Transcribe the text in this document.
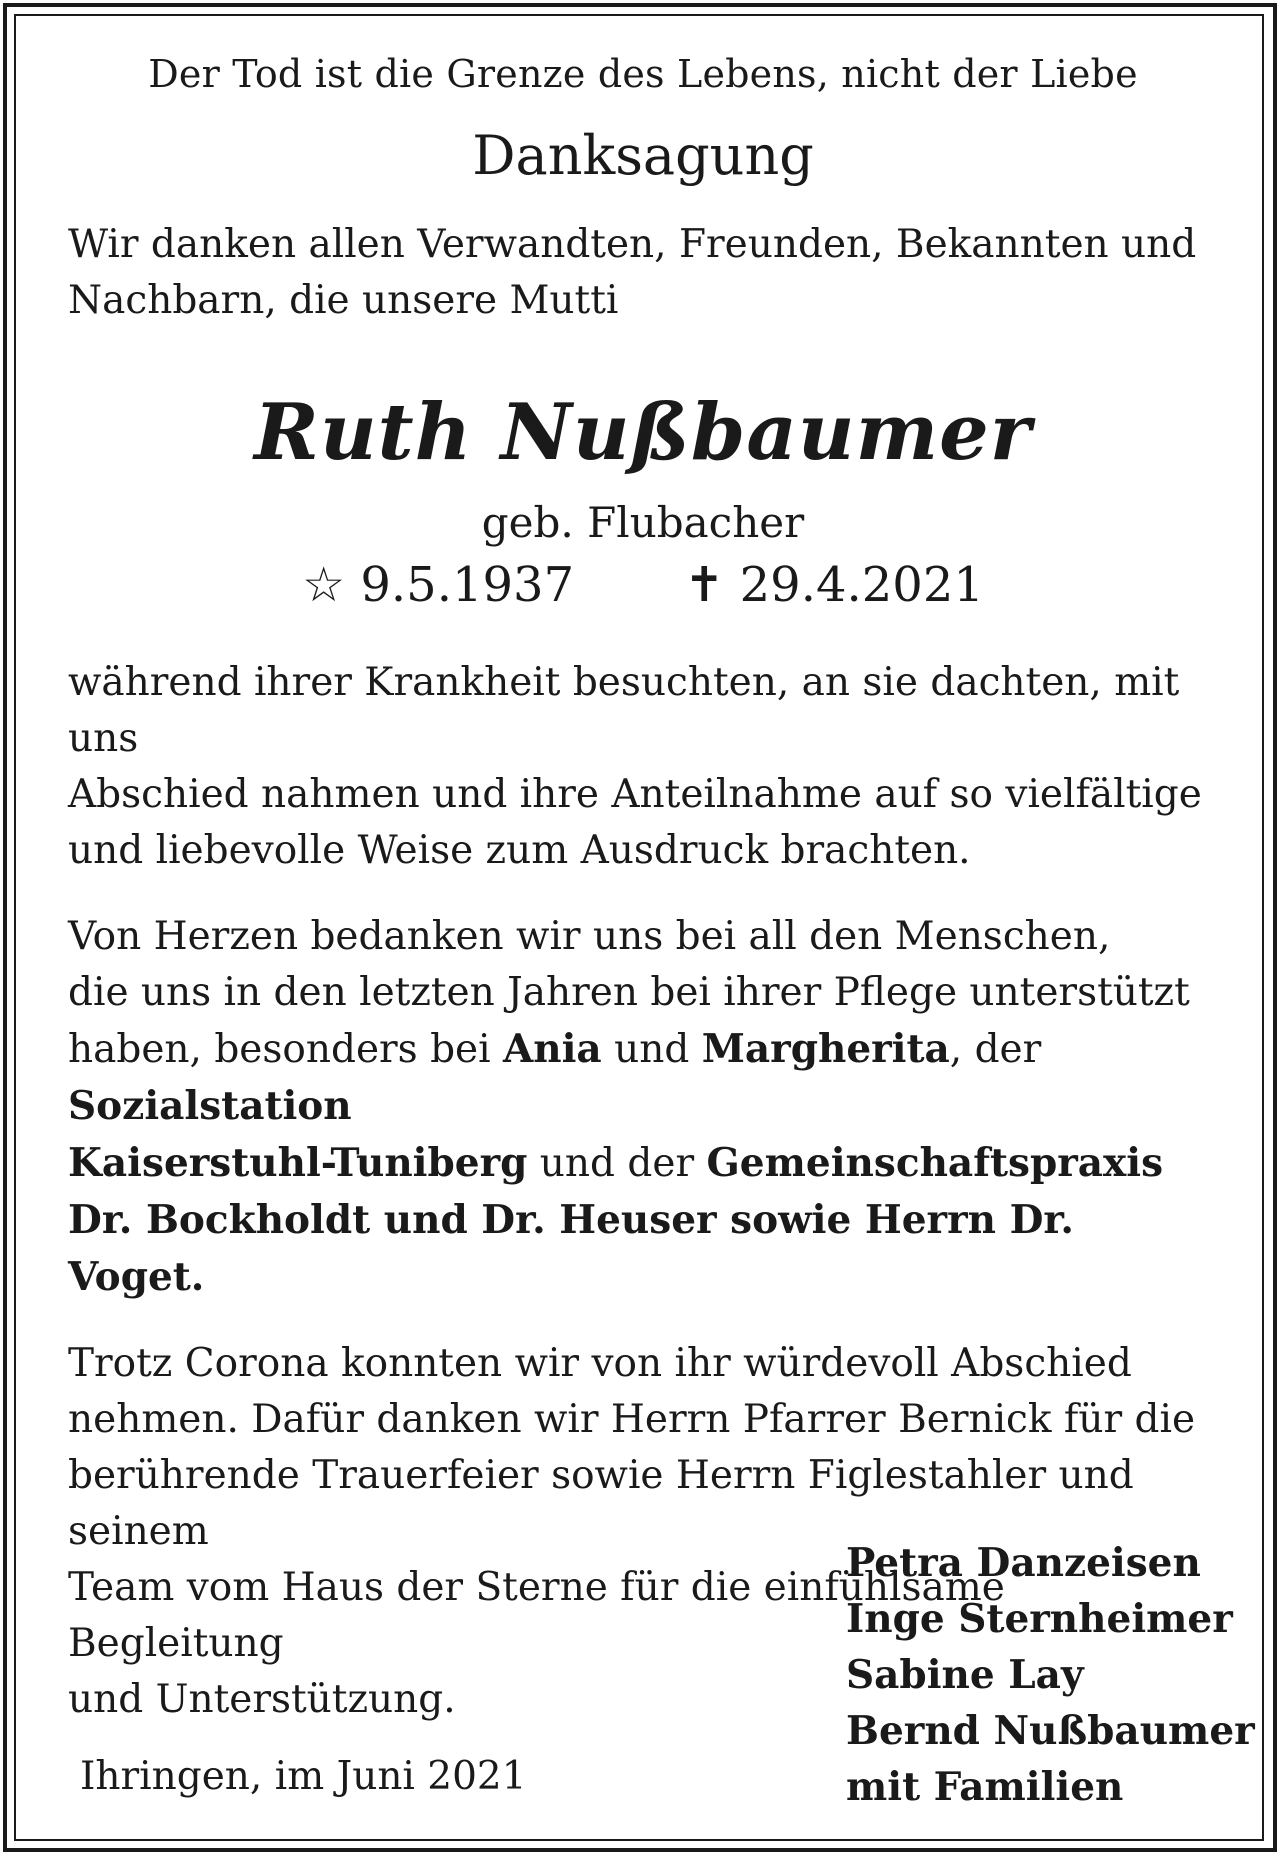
Der Tod ist die Grenze des Lebens, nicht der Liebe

Danksagung

Wir danken allen Verwandten, Freunden, Bekannten und
Nachbarn, die unsere Mutti

Ruth Nußbaumer

geb. Flubacher

☆ 9.5.1937 ✝ 29.4.2021

während ihrer Krankheit besuchten, an sie dachten, mit uns
Abschied nahmen und ihre Anteilnahme auf so vielfältige
und liebevolle Weise zum Ausdruck brachten.

Von Herzen bedanken wir uns bei all den Menschen,
die uns in den letzten Jahren bei ihrer Pflege unterstützt
haben, besonders bei Ania und Margherita, der Sozialstation
Kaiserstuhl-Tuniberg und der Gemeinschaftspraxis
Dr. Bockholdt und Dr. Heuser sowie Herrn Dr. Voget.

Trotz Corona konnten wir von ihr würdevoll Abschied
nehmen. Dafür danken wir Herrn Pfarrer Bernick für die
berührende Trauerfeier sowie Herrn Figlestahler und seinem
Team vom Haus der Sterne für die einfühlsame Begleitung
und Unterstützung.

Petra Danzeisen
Inge Sternheimer
Sabine Lay
Bernd Nußbaumer
mit Familien
Ihringen, im Juni 2021
